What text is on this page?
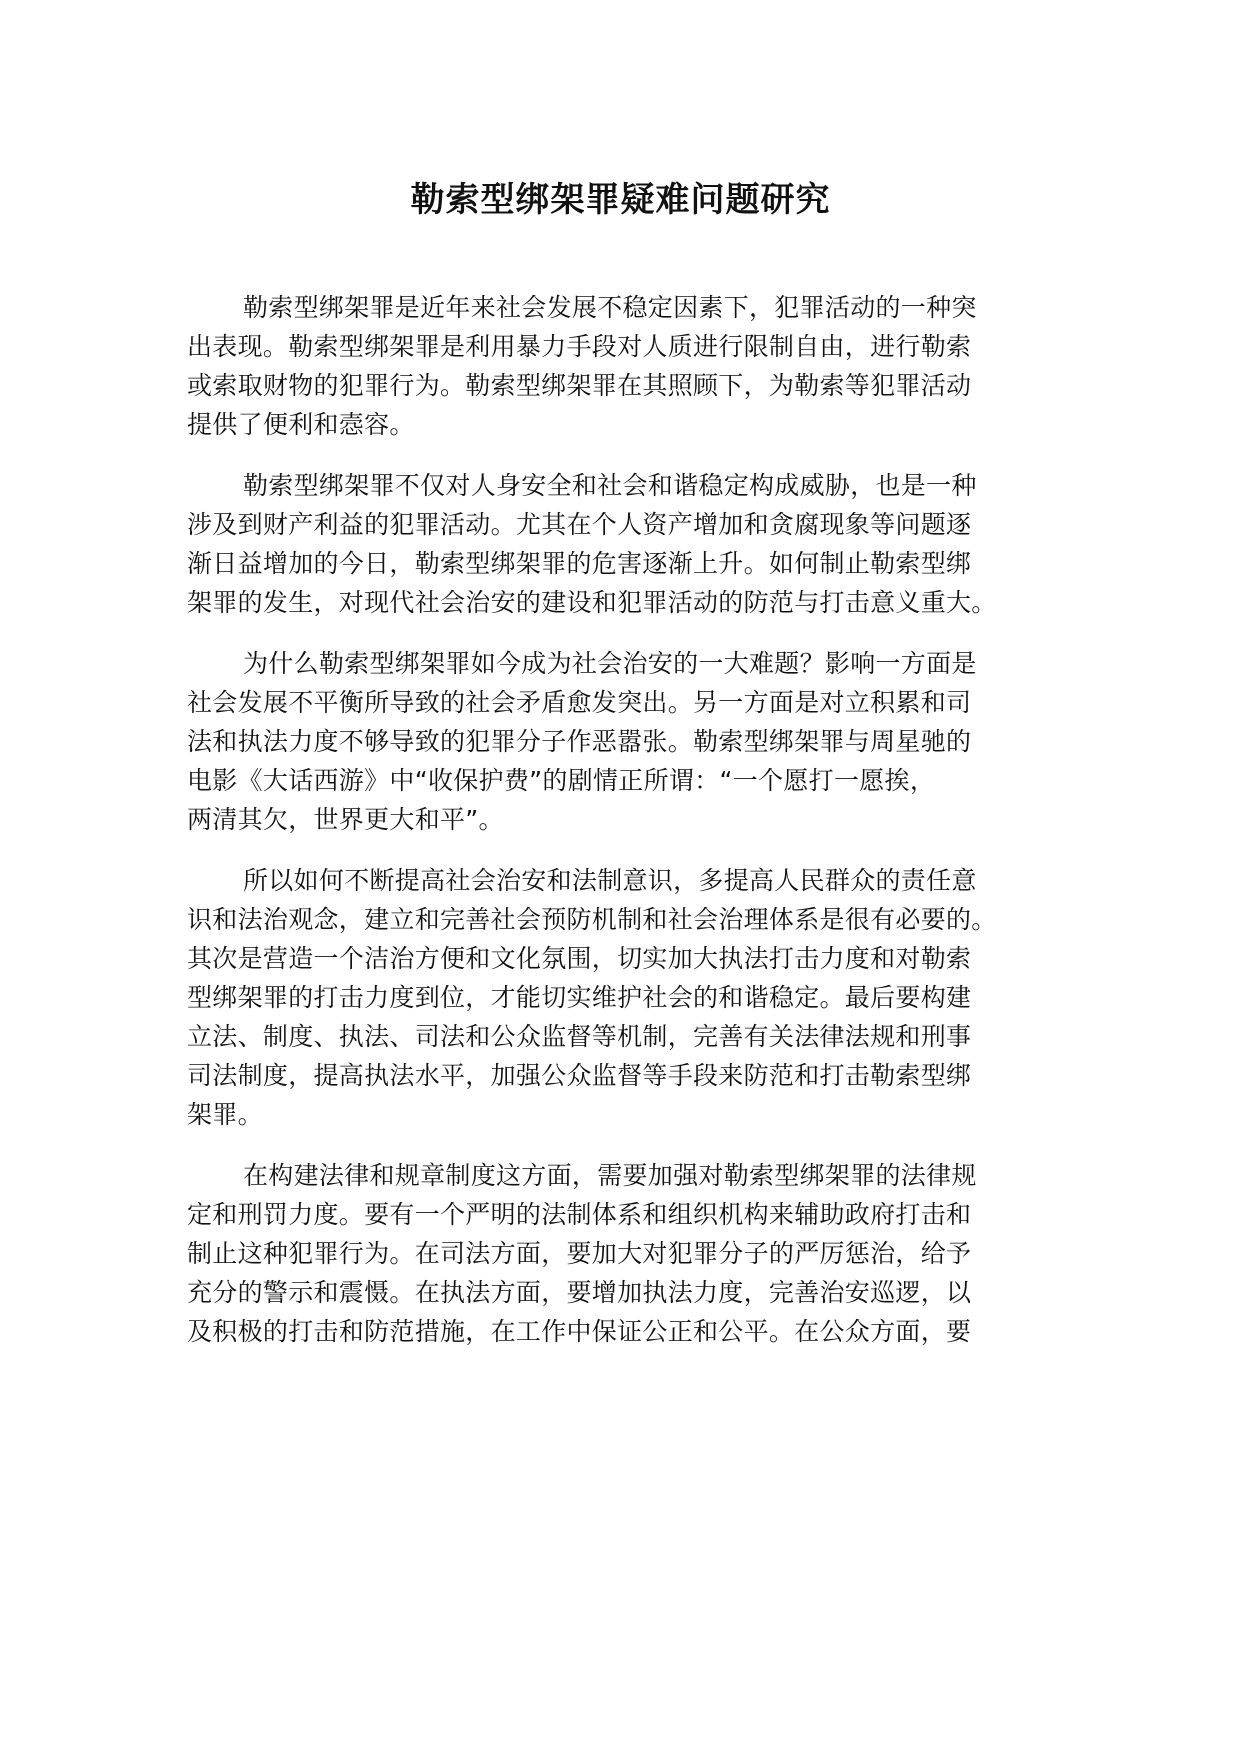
勒索型绑架罪疑难问题研究
勒索型绑架罪是近年来社会发展不稳定因素下，犯罪活动的一种突
出表现。勒索型绑架罪是利用暴力手段对人质进行限制自由，进行勒索
或索取财物的犯罪行为。勒索型绑架罪在其照顾下，为勒索等犯罪活动
提供了便利和悫容。
勒索型绑架罪不仅对人身安全和社会和谐稳定构成威胁，也是一种
涉及到财产利益的犯罪活动。尤其在个人资产增加和贪腐现象等问题逐
渐日益增加的今日，勒索型绑架罪的危害逐渐上升。如何制止勒索型绑
架罪的发生，对现代社会治安的建设和犯罪活动的防范与打击意义重大。
为什么勒索型绑架罪如今成为社会治安的一大难题？影响一方面是
社会发展不平衡所导致的社会矛盾愈发突出。另一方面是对立积累和司
法和执法力度不够导致的犯罪分子作恶嚣张。勒索型绑架罪与周星驰的
电影《大话西游》中“收保护费”的剧情正所谓：“一个愿打一愿挨，
两清其欠，世界更大和平”。
所以如何不断提高社会治安和法制意识，多提高人民群众的责任意
识和法治观念，建立和完善社会预防机制和社会治理体系是很有必要的。
其次是营造一个洁治方便和文化氛围，切实加大执法打击力度和对勒索
型绑架罪的打击力度到位，才能切实维护社会的和谐稳定。最后要构建
立法、制度、执法、司法和公众监督等机制，完善有关法律法规和刑事
司法制度，提高执法水平，加强公众监督等手段来防范和打击勒索型绑
架罪。
在构建法律和规章制度这方面，需要加强对勒索型绑架罪的法律规
定和刑罚力度。要有一个严明的法制体系和组织机构来辅助政府打击和
制止这种犯罪行为。在司法方面，要加大对犯罪分子的严厉惩治，给予
充分的警示和震慑。在执法方面，要增加执法力度，完善治安巡逻，以
及积极的打击和防范措施，在工作中保证公正和公平。在公众方面，要
